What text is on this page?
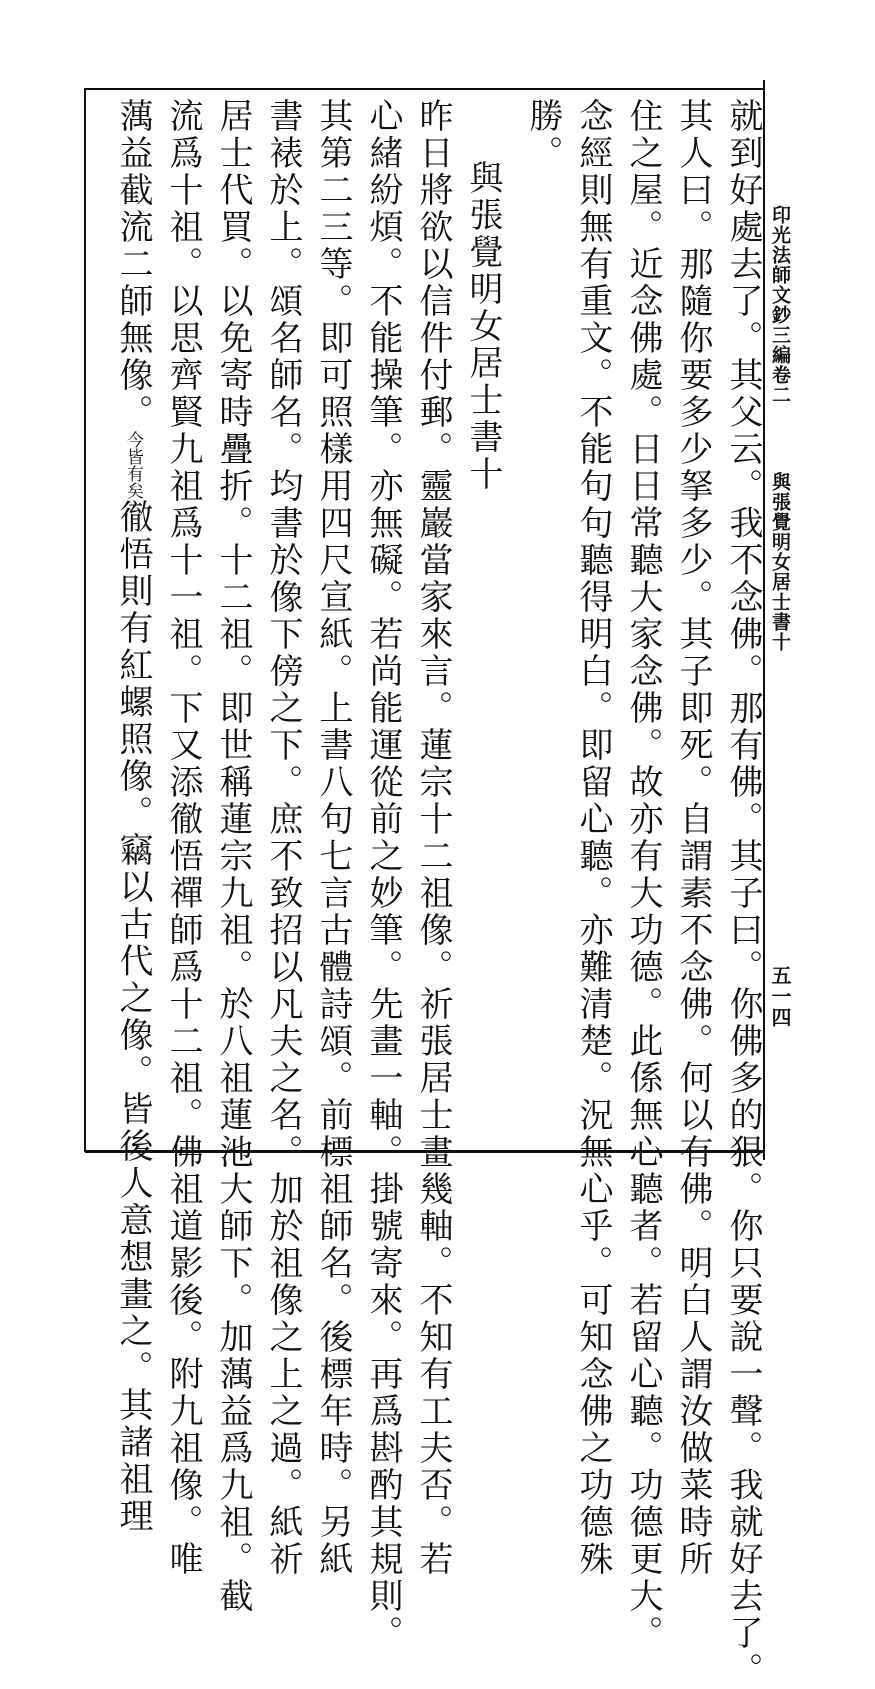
印光法師文鈔三編卷二
與張覺明女居士書十
五一四
就到好處去了。其父云。我不念佛。那有佛。其子曰。你佛多的狠。你只要說一聲。我就好去了。
其人曰。那隨你要多少拏多少。其子即死。自謂素不念佛。何以有佛。明白人謂汝做菜時所
住之屋。近念佛處。日日常聽大家念佛。故亦有大功德。此係無心聽者。若留心聽。功德更大。
念經則無有重文。不能句句聽得明白。即留心聽。亦難清楚。況無心乎。可知念佛之功德殊
勝。
與張覺明女居士書十
昨日將欲以信件付郵。靈巖當家來言。蓮宗十二祖像。祈張居士畫幾軸。不知有工夫否。若
心緒紛煩。不能操筆。亦無礙。若尚能運從前之妙筆。先畫一軸。掛號寄來。再爲斟酌其規則。
其第二三等。即可照樣用四尺宣紙。上書八句七言古體詩頌。前標祖師名。後標年時。另紙
書裱於上。頌名師名。均書於像下傍之下。庶不致招以凡夫之名。加於祖像之上之過。紙祈
居士代買。以免寄時疊折。十二祖。即世稱蓮宗九祖。於八祖蓮池大師下。加蕅益爲九祖。截
流爲十祖。以思齊賢九祖爲十一祖。下又添徹悟禪師爲十二祖。佛祖道影後。附九祖像。唯
蕅益截流二師無像。今皆有矣徹悟則有紅螺照像。竊以古代之像。皆後人意想畫之。其諸祖理
